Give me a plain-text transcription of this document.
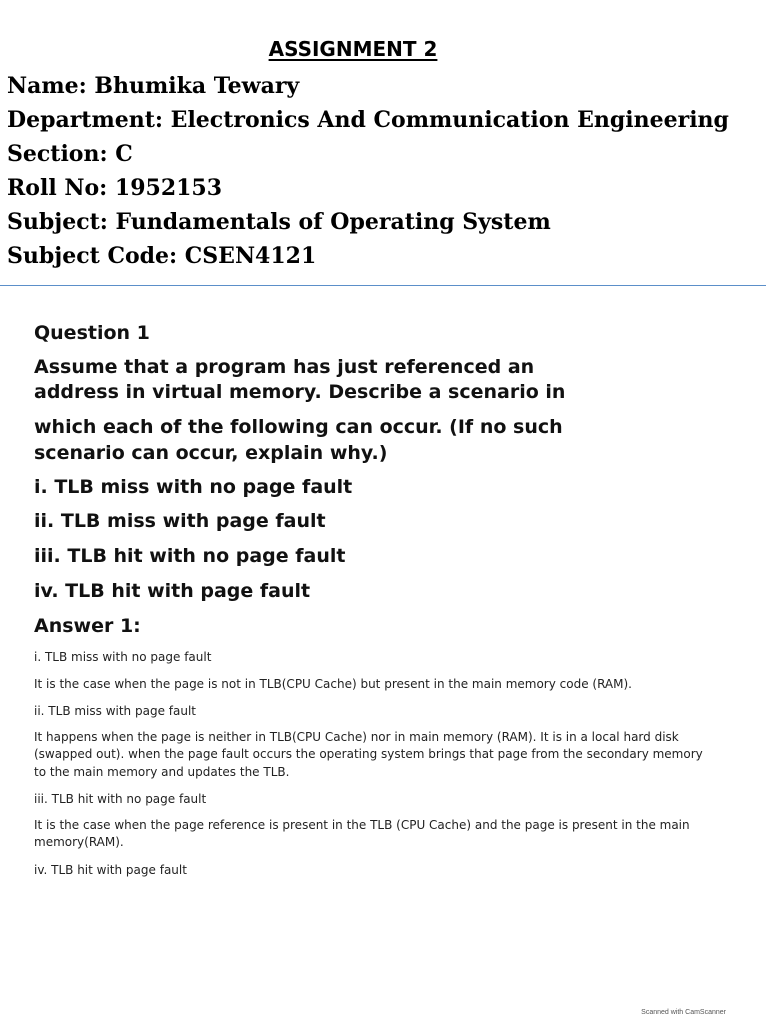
ASSIGNMENT 2
Name: Bhumika Tewary
Department: Electronics And Communication Engineering
Section: C
Roll No: 1952153
Subject: Fundamentals of Operating System
Subject Code: CSEN4121
Question 1
Assume that a program has just referenced an
address in virtual memory. Describe a scenario in
which each of the following can occur. (If no such
scenario can occur, explain why.)
i. TLB miss with no page fault
ii. TLB miss with page fault
iii. TLB hit with no page fault
iv. TLB hit with page fault
Answer 1:
i. TLB miss with no page fault
It is the case when the page is not in TLB(CPU Cache) but present in the main memory code (RAM).
ii. TLB miss with page fault
It happens when the page is neither in TLB(CPU Cache) nor in main memory (RAM). It is in a local hard disk
(swapped out). when the page fault occurs the operating system brings that page from the secondary memory
to the main memory and updates the TLB.
iii. TLB hit with no page fault
It is the case when the page reference is present in the TLB (CPU Cache) and the page is present in the main
memory(RAM).
iv. TLB hit with page fault
Scanned with CamScanner
